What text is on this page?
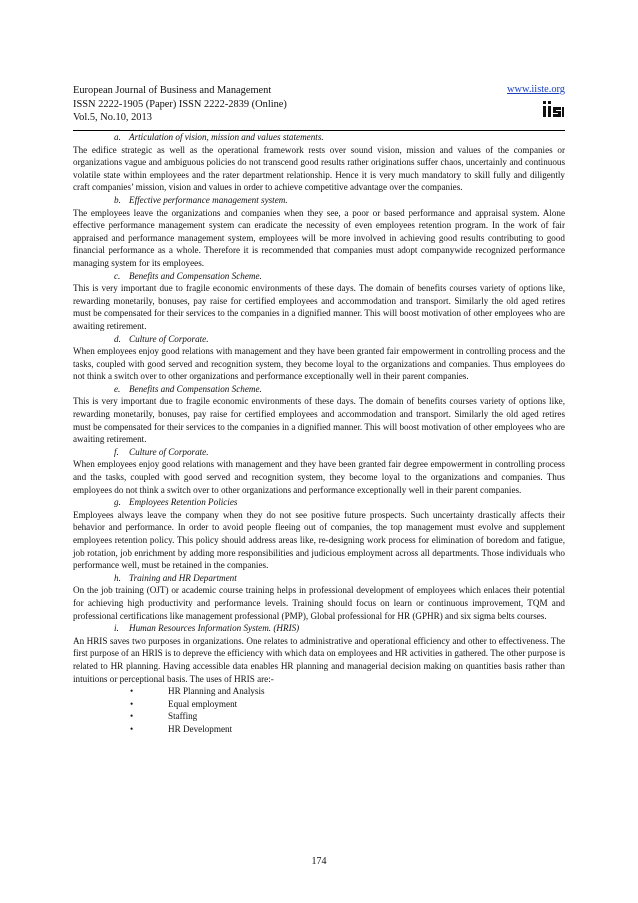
European Journal of Business and Management
ISSN 2222-1905 (Paper) ISSN 2222-2839 (Online)
Vol.5, No.10, 2013
www.iiste.org
a. Articulation of vision, mission and values statements.

The edifice strategic as well as the operational framework rests over sound vision, mission and values of the companies or organizations vague and ambiguous policies do not transcend good results rather originations suffer chaos, uncertainly and continuous volatile state within employees and the rater department relationship. Hence it is very much mandatory to skill fully and diligently craft companies’ mission, vision and values in order to achieve competitive advantage over the companies.

b. Effective performance management system.

The employees leave the organizations and companies when they see, a poor or based performance and appraisal system. Alone effective performance management system can eradicate the necessity of even employees retention program. In the work of fair appraised and performance management system, employees will be more involved in achieving good results contributing to good financial performance as a whole. Therefore it is recommended that companies must adopt companywide recognized performance managing system for its employees.

c. Benefits and Compensation Scheme.

This is very important due to fragile economic environments of these days. The domain of benefits courses variety of options like, rewarding monetarily, bonuses, pay raise for certified employees and accommodation and transport. Similarly the old aged retires must be compensated for their services to the companies in a dignified manner. This will boost motivation of other employees who are awaiting retirement.

d. Culture of Corporate.

When employees enjoy good relations with management and they have been granted fair empowerment in controlling process and the tasks, coupled with good served and recognition system, they become loyal to the organizations and companies. Thus employees do not think a switch over to other organizations and performance exceptionally well in their parent companies.

e. Benefits and Compensation Scheme.

This is very important due to fragile economic environments of these days. The domain of benefits courses variety of options like, rewarding monetarily, bonuses, pay raise for certified employees and accommodation and transport. Similarly the old aged retires must be compensated for their services to the companies in a dignified manner. This will boost motivation of other employees who are awaiting retirement.

f. Culture of Corporate.

When employees enjoy good relations with management and they have been granted fair degree empowerment in controlling process and the tasks, coupled with good served and recognition system, they become loyal to the organizations and companies. Thus employees do not think a switch over to other organizations and performance exceptionally well in their parent companies.

g. Employees Retention Policies

Employees always leave the company when they do not see positive future prospects. Such uncertainty drastically affects their behavior and performance. In order to avoid people fleeing out of companies, the top management must evolve and supplement employees retention policy. This policy should address areas like, re-designing work process for elimination of boredom and fatigue, job rotation, job enrichment by adding more responsibilities and judicious employment across all departments. Those individuals who performance well, must be retained in the companies.

h. Training and HR Department

On the job training (OJT) or academic course training helps in professional development of employees which enlaces their potential for achieving high productivity and performance levels. Training should focus on learn or continuous improvement, TQM and professional certifications like management professional (PMP), Global professional for HR (GPHR) and six sigma belts courses.

i. Human Resources Information System. (HRIS)

An HRIS saves two purposes in organizations. One relates to administrative and operational efficiency and other to effectiveness. The first purpose of an HRIS is to depreve the efficiency with which data on employees and HR activities in gathered. The other purpose is related to HR planning. Having accessible data enables HR planning and managerial decision making on quantities basis rather than intuitions or perceptional basis. The uses of HRIS are:-

•	HR Planning and Analysis
•	Equal employment
•	Staffing
•	HR Development
174
